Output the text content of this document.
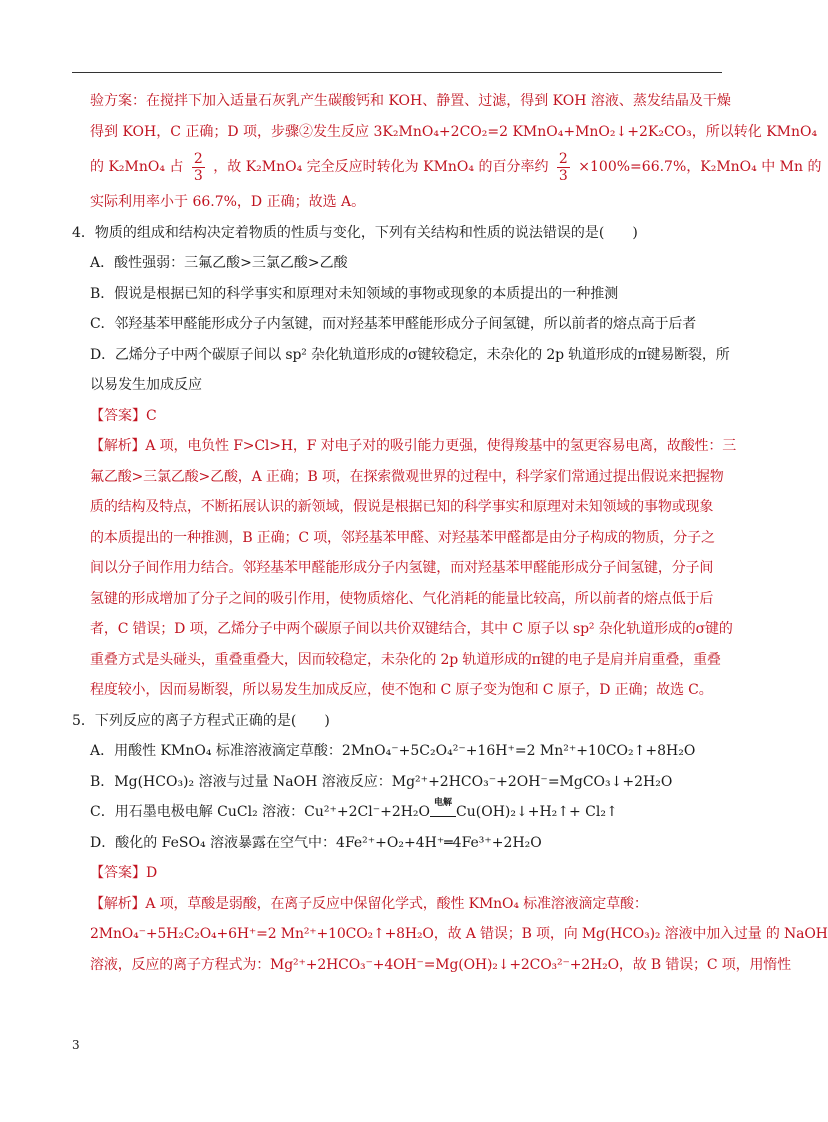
验方案：在搅拌下加入适量石灰乳产生碳酸钙和 KOH、静置、过滤，得到 KOH 溶液、蒸发结晶及干燥
得到 KOH，C 正确；D 项，步骤②发生反应 3K₂MnO₄+2CO₂=2 KMnO₄+MnO₂↓+2K₂CO₃，所以转化 KMnO₄
的 K₂MnO₄ 占 $\frac{2}{3}$ ，故 K₂MnO₄ 完全反应时转化为 KMnO₄ 的百分率约 $\frac{2}{3} \times 100\%=66.7\%$，K₂MnO₄ 中 Mn 的
实际利用率小于 66.7%，D 正确；故选 A。
4．物质的组成和结构决定着物质的性质与变化，下列有关结构和性质的说法错误的是(　　)
A．酸性强弱：三氟乙酸>三氯乙酸>乙酸
B．假说是根据已知的科学事实和原理对未知领域的事物或现象的本质提出的一种推测
C．邻羟基苯甲醛能形成分子内氢键，而对羟基苯甲醛能形成分子间氢键，所以前者的熔点高于后者
D．乙烯分子中两个碳原子间以 sp² 杂化轨道形成的σ键较稳定，未杂化的 2p 轨道形成的π键易断裂，所
以易发生加成反应
【答案】C
【解析】A 项，电负性 F>Cl>H，F 对电子对的吸引能力更强，使得羧基中的氢更容易电离，故酸性：三
氟乙酸>三氯乙酸>乙酸，A 正确；B 项，在探索微观世界的过程中，科学家们常通过提出假说来把握物
质的结构及特点，不断拓展认识的新领域，假说是根据已知的科学事实和原理对未知领域的事物或现象
的本质提出的一种推测，B 正确；C 项，邻羟基苯甲醛、对羟基苯甲醛都是由分子构成的物质，分子之
间以分子间作用力结合。邻羟基苯甲醛能形成分子内氢键，而对羟基苯甲醛能形成分子间氢键，分子间
氢键的形成增加了分子之间的吸引作用，使物质熔化、气化消耗的能量比较高，所以前者的熔点低于后
者，C 错误；D 项，乙烯分子中两个碳原子间以共价双键结合，其中 C 原子以 sp² 杂化轨道形成的σ键的
重叠方式是头碰头，重叠重叠大，因而较稳定，未杂化的 2p 轨道形成的π键的电子是肩并肩重叠，重叠
程度较小，因而易断裂，所以易发生加成反应，使不饱和 C 原子变为饱和 C 原子，D 正确；故选 C。
5．下列反应的离子方程式正确的是(　　)
A．用酸性 KMnO₄ 标准溶液滴定草酸：2MnO₄⁻+5C₂O₄²⁻+16H⁺=2 Mn²⁺+10CO₂↑+8H₂O
B．Mg(HCO₃)₂ 溶液与过量 NaOH 溶液反应：Mg²⁺+2HCO₃⁻+2OH⁻=MgCO₃↓+2H₂O
C．用石墨电极电解 CuCl₂ 溶液：Cu²⁺+2Cl⁻+2H₂O
电解
Cu(OH)₂↓+H₂↑+ Cl₂↑
D．酸化的 FeSO₄ 溶液暴露在空气中：4Fe²⁺+O₂+4H⁺═4Fe³⁺+2H₂O
【答案】D
【解析】A 项，草酸是弱酸，在离子反应中保留化学式，酸性 KMnO₄ 标准溶液滴定草酸：
2MnO₄⁻+5H₂C₂O₄+6H⁺=2 Mn²⁺+10CO₂↑+8H₂O，故 A 错误；B 项，向 Mg(HCO₃)₂ 溶液中加入过量 的 NaOH
溶液，反应的离子方程式为：Mg²⁺+2HCO₃⁻+4OH⁻=Mg(OH)₂↓+2CO₃²⁻+2H₂O，故 B 错误；C 项，用惰性
3
